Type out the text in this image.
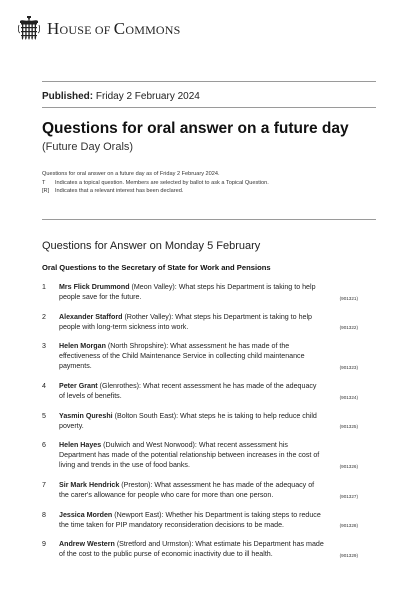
HOUSE OF COMMONS
Published: Friday 2 February 2024
Questions for oral answer on a future day
(Future Day Orals)
Questions for oral answer on a future day as of Friday 2 February 2024.
T	Indicates a topical question. Members are selected by ballot to ask a Topical Question.
[R]	Indicates that a relevant interest has been declared.
Questions for Answer on Monday 5 February
Oral Questions to the Secretary of State for Work and Pensions
1	Mrs Flick Drummond (Meon Valley): What steps his Department is taking to help people save for the future.	(901321)
2	Alexander Stafford (Rother Valley): What steps his Department is taking to help people with long-term sickness into work.	(901322)
3	Helen Morgan (North Shropshire): What assessment he has made of the effectiveness of the Child Maintenance Service in collecting child maintenance payments.	(901323)
4	Peter Grant (Glenrothes): What recent assessment he has made of the adequacy of levels of benefits.	(901324)
5	Yasmin Qureshi (Bolton South East): What steps he is taking to help reduce child poverty.	(901325)
6	Helen Hayes (Dulwich and West Norwood): What recent assessment his Department has made of the potential relationship between increases in the cost of living and trends in the use of food banks.	(901326)
7	Sir Mark Hendrick (Preston): What assessment he has made of the adequacy of the carer's allowance for people who care for more than one person.	(901327)
8	Jessica Morden (Newport East): Whether his Department is taking steps to reduce the time taken for PIP mandatory reconsideration decisions to be made.	(901328)
9	Andrew Western (Stretford and Urmston): What estimate his Department has made of the cost to the public purse of economic inactivity due to ill health.	(901329)
